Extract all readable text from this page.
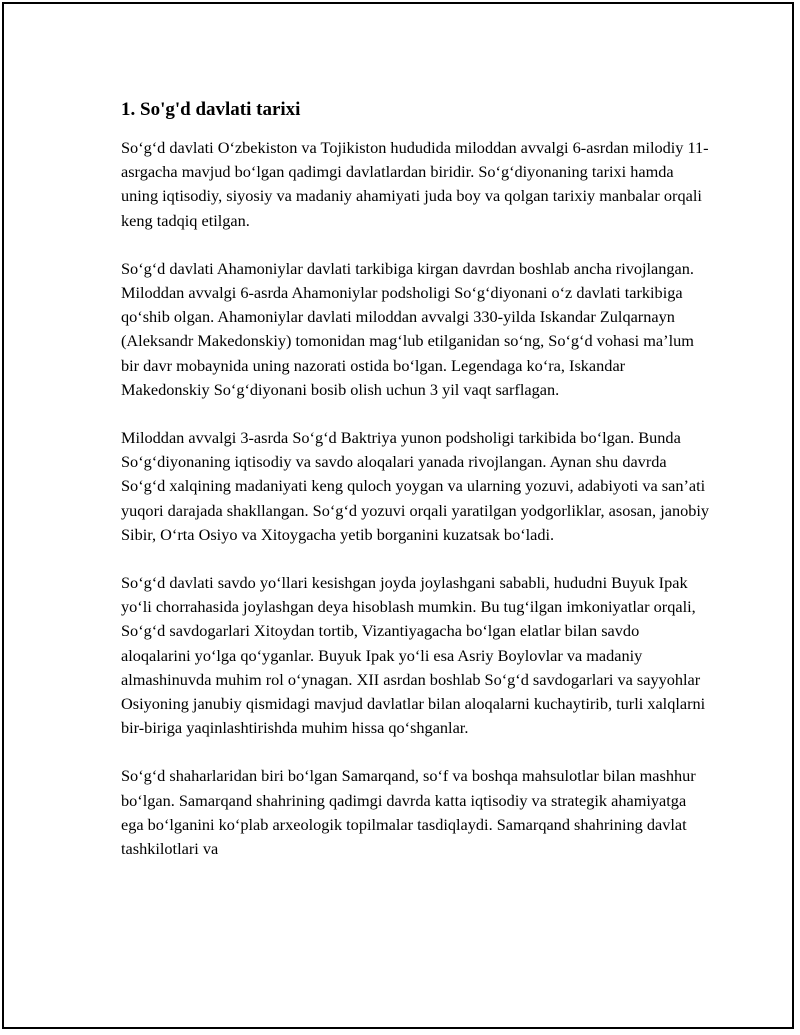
1. So'g'd davlati tarixi

So‘g‘d davlati O‘zbekiston va Tojikiston hududida miloddan avvalgi 6-asrdan milodiy 11-asrgacha mavjud bo‘lgan qadimgi davlatlardan biridir. So‘g‘diyonaning tarixi hamda uning iqtisodiy, siyosiy va madaniy ahamiyati juda boy va qolgan tarixiy manbalar orqali keng tadqiq etilgan.

So‘g‘d davlati Ahamoniylar davlati tarkibiga kirgan davrdan boshlab ancha rivojlangan. Miloddan avvalgi 6-asrda Ahamoniylar podsholigi So‘g‘diyonani o‘z davlati tarkibiga qo‘shib olgan. Ahamoniylar davlati miloddan avvalgi 330-yilda Iskandar Zulqarnayn (Aleksandr Makedonskiy) tomonidan mag‘lub etilganidan so‘ng, So‘g‘d vohasi ma’lum bir davr mobaynida uning nazorati ostida bo‘lgan. Legendaga ko‘ra, Iskandar Makedonskiy So‘g‘diyonani bosib olish uchun 3 yil vaqt sarflagan.

Miloddan avvalgi 3-asrda So‘g‘d Baktriya yunon podsholigi tarkibida bo‘lgan. Bunda So‘g‘diyonaning iqtisodiy va savdo aloqalari yanada rivojlangan. Aynan shu davrda So‘g‘d xalqining madaniyati keng quloch yoygan va ularning yozuvi, adabiyoti va san’ati yuqori darajada shakllangan. So‘g‘d yozuvi orqali yaratilgan yodgorliklar, asosan, janobiy Sibir, O‘rta Osiyo va Xitoygacha yetib borganini kuzatsak bo‘ladi.

So‘g‘d davlati savdo yo‘llari kesishgan joyda joylashgani sababli, hududni Buyuk Ipak yo‘li chorrahasida joylashgan deya hisoblash mumkin. Bu tug‘ilgan imkoniyatlar orqali, So‘g‘d savdogarlari Xitoydan tortib, Vizantiyagacha bo‘lgan elatlar bilan savdo aloqalarini yo‘lga qo‘yganlar. Buyuk Ipak yo‘li esa Asriy Boylovlar va madaniy almashinuvda muhim rol o‘ynagan. XII asrdan boshlab So‘g‘d savdogarlari va sayyohlar Osiyoning janubiy qismidagi mavjud davlatlar bilan aloqalarni kuchaytirib, turli xalqlarni bir-biriga yaqinlashtirishda muhim hissa qo‘shganlar.

So‘g‘d shaharlaridan biri bo‘lgan Samarqand, so‘f va boshqa mahsulotlar bilan mashhur bo‘lgan. Samarqand shahrining qadimgi davrda katta iqtisodiy va strategik ahamiyatga ega bo‘lganini ko‘plab arxeologik topilmalar tasdiqlaydi. Samarqand shahrining davlat tashkilotlari va
